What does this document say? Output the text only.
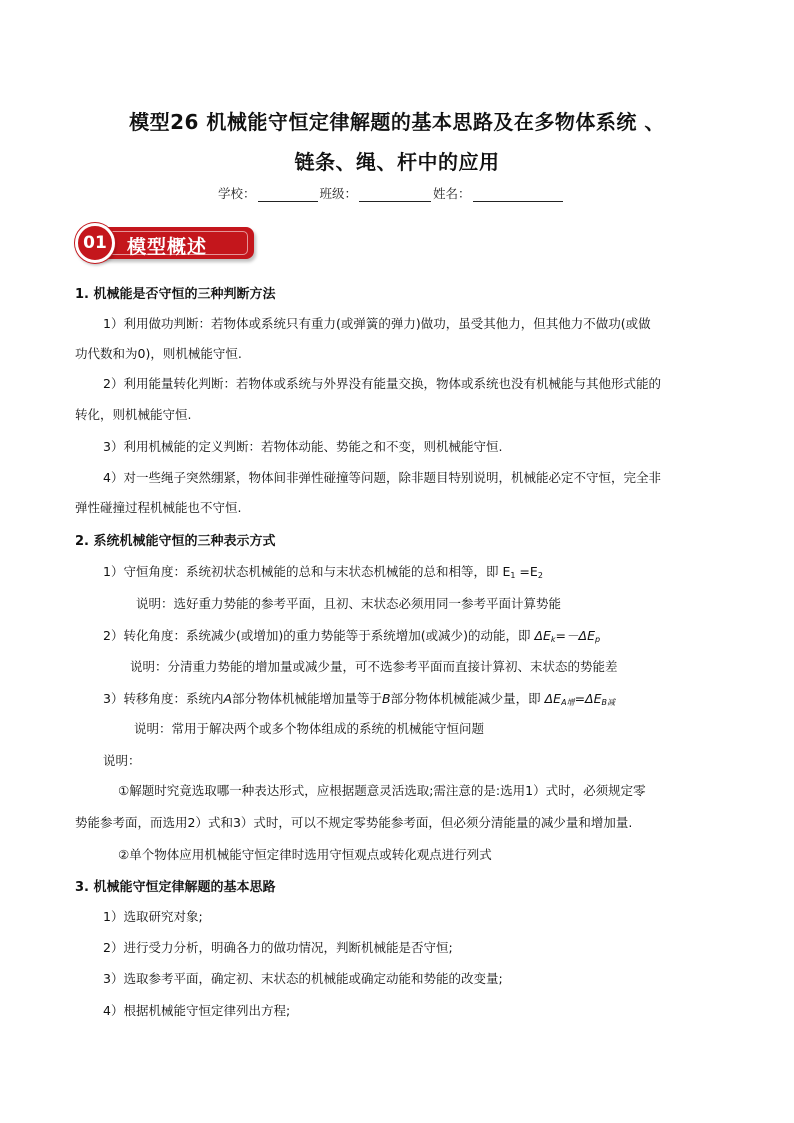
模型26 机械能守恒定律解题的基本思路及在多物体系统 、
链条、绳、杆中的应用
学校：	班级：	姓名：
模型概述
01
1. 机械能是否守恒的三种判断方法
1）利用做功判断：若物体或系统只有重力(或弹簧的弹力)做功，虽受其他力，但其他力不做功(或做
功代数和为0)，则机械能守恒.
2）利用能量转化判断：若物体或系统与外界没有能量交换，物体或系统也没有机械能与其他形式能的
转化，则机械能守恒.
3）利用机械能的定义判断：若物体动能、势能之和不变，则机械能守恒.
4）对一些绳子突然绷紧，物体间非弹性碰撞等问题，除非题目特别说明，机械能必定不守恒，完全非
弹性碰撞过程机械能也不守恒.
2. 系统机械能守恒的三种表示方式
1）守恒角度：系统初状态机械能的总和与末状态机械能的总和相等，即 $E_1 =E_2$
说明：选好重力势能的参考平面，且初、末状态必须用同一参考平面计算势能
2）转化角度：系统减少(或增加)的重力势能等于系统增加(或减少)的动能，即 $\Delta E_k=-\Delta E_p$
说明：分清重力势能的增加量或减少量，可不选参考平面而直接计算初、末状态的势能差
3）转移角度：系统内A部分物体机械能增加量等于B部分物体机械能减少量，即 $\Delta E_{A增}=\Delta E_{B减}$
说明：常用于解决两个或多个物体组成的系统的机械能守恒问题
说明：
①解题时究竟选取哪一种表达形式，应根据题意灵活选取;需注意的是:选用1）式时，必须规定零
势能参考面，而选用2）式和3）式时，可以不规定零势能参考面，但必须分清能量的减少量和增加量.
②单个物体应用机械能守恒定律时选用守恒观点或转化观点进行列式
3. 机械能守恒定律解题的基本思路
1）选取研究对象;
2）进行受力分析，明确各力的做功情况，判断机械能是否守恒;
3）选取参考平面，确定初、末状态的机械能或确定动能和势能的改变量;
4）根据机械能守恒定律列出方程;
